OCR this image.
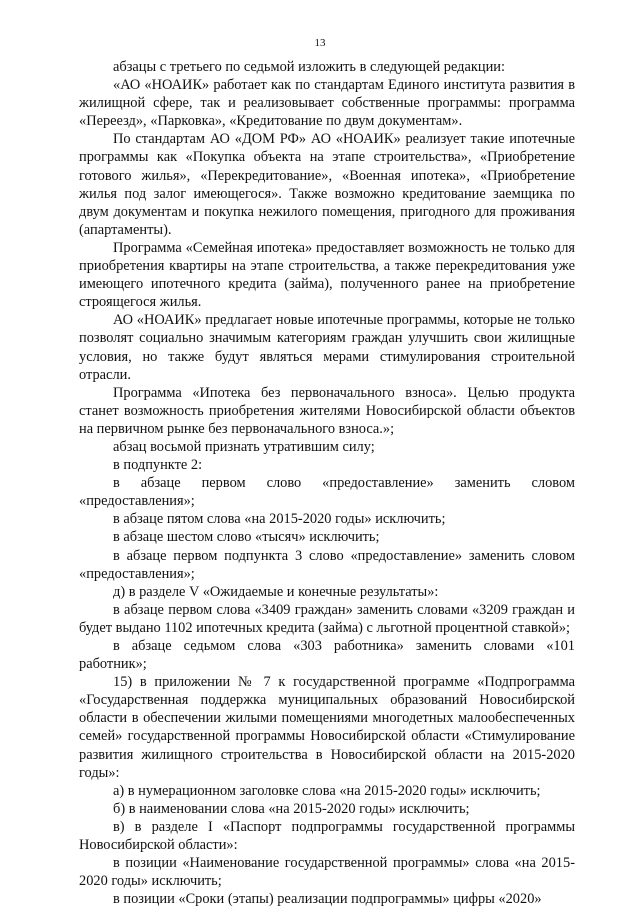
13

абзацы с третьего по седьмой изложить в следующей редакции:

«АО «НОАИК» работает как по стандартам Единого института развития в жилищной сфере, так и реализовывает собственные программы: программа «Переезд», «Парковка», «Кредитование по двум документам».

По стандартам АО «ДОМ РФ» АО «НОАИК» реализует такие ипотечные программы как «Покупка объекта на этапе строительства», «Приобретение готового жилья», «Перекредитование», «Военная ипотека», «Приобретение жилья под залог имеющегося». Также возможно кредитование заемщика по двум документам и покупка нежилого помещения, пригодного для проживания (апартаменты).

Программа «Семейная ипотека» предоставляет возможность не только для приобретения квартиры на этапе строительства, а также перекредитования уже имеющего ипотечного кредита (займа), полученного ранее на приобретение строящегося жилья.

АО «НОАИК» предлагает новые ипотечные программы, которые не только позволят социально значимым категориям граждан улучшить свои жилищные условия, но также будут являться мерами стимулирования строительной отрасли.

Программа «Ипотека без первоначального взноса». Целью продукта станет возможность приобретения жителями Новосибирской области объектов на первичном рынке без первоначального взноса.»;

абзац восьмой признать утратившим силу;

в подпункте 2:

в абзаце первом слово «предоставление» заменить словом «предоставления»;

в абзаце пятом слова «на 2015-2020 годы» исключить;

в абзаце шестом слово «тысяч» исключить;

в абзаце первом подпункта 3 слово «предоставление» заменить словом «предоставления»;

д) в разделе V «Ожидаемые и конечные результаты»:

в абзаце первом слова «3409 граждан» заменить словами «3209 граждан и будет выдано 1102 ипотечных кредита (займа) с льготной процентной ставкой»;

в абзаце седьмом слова «303 работника» заменить словами «101 работник»;

15) в приложении № 7 к государственной программе «Подпрограмма «Государственная поддержка муниципальных образований Новосибирской области в обеспечении жилыми помещениями многодетных малообеспеченных семей» государственной программы Новосибирской области «Стимулирование развития жилищного строительства в Новосибирской области на 2015-2020 годы»:

а) в нумерационном заголовке слова «на 2015-2020 годы» исключить;

б) в наименовании слова «на 2015-2020 годы» исключить;

в) в разделе I «Паспорт подпрограммы государственной программы Новосибирской области»:

в позиции «Наименование государственной программы» слова «на 2015-2020 годы» исключить;

в позиции «Сроки (этапы) реализации подпрограммы» цифры «2020»
